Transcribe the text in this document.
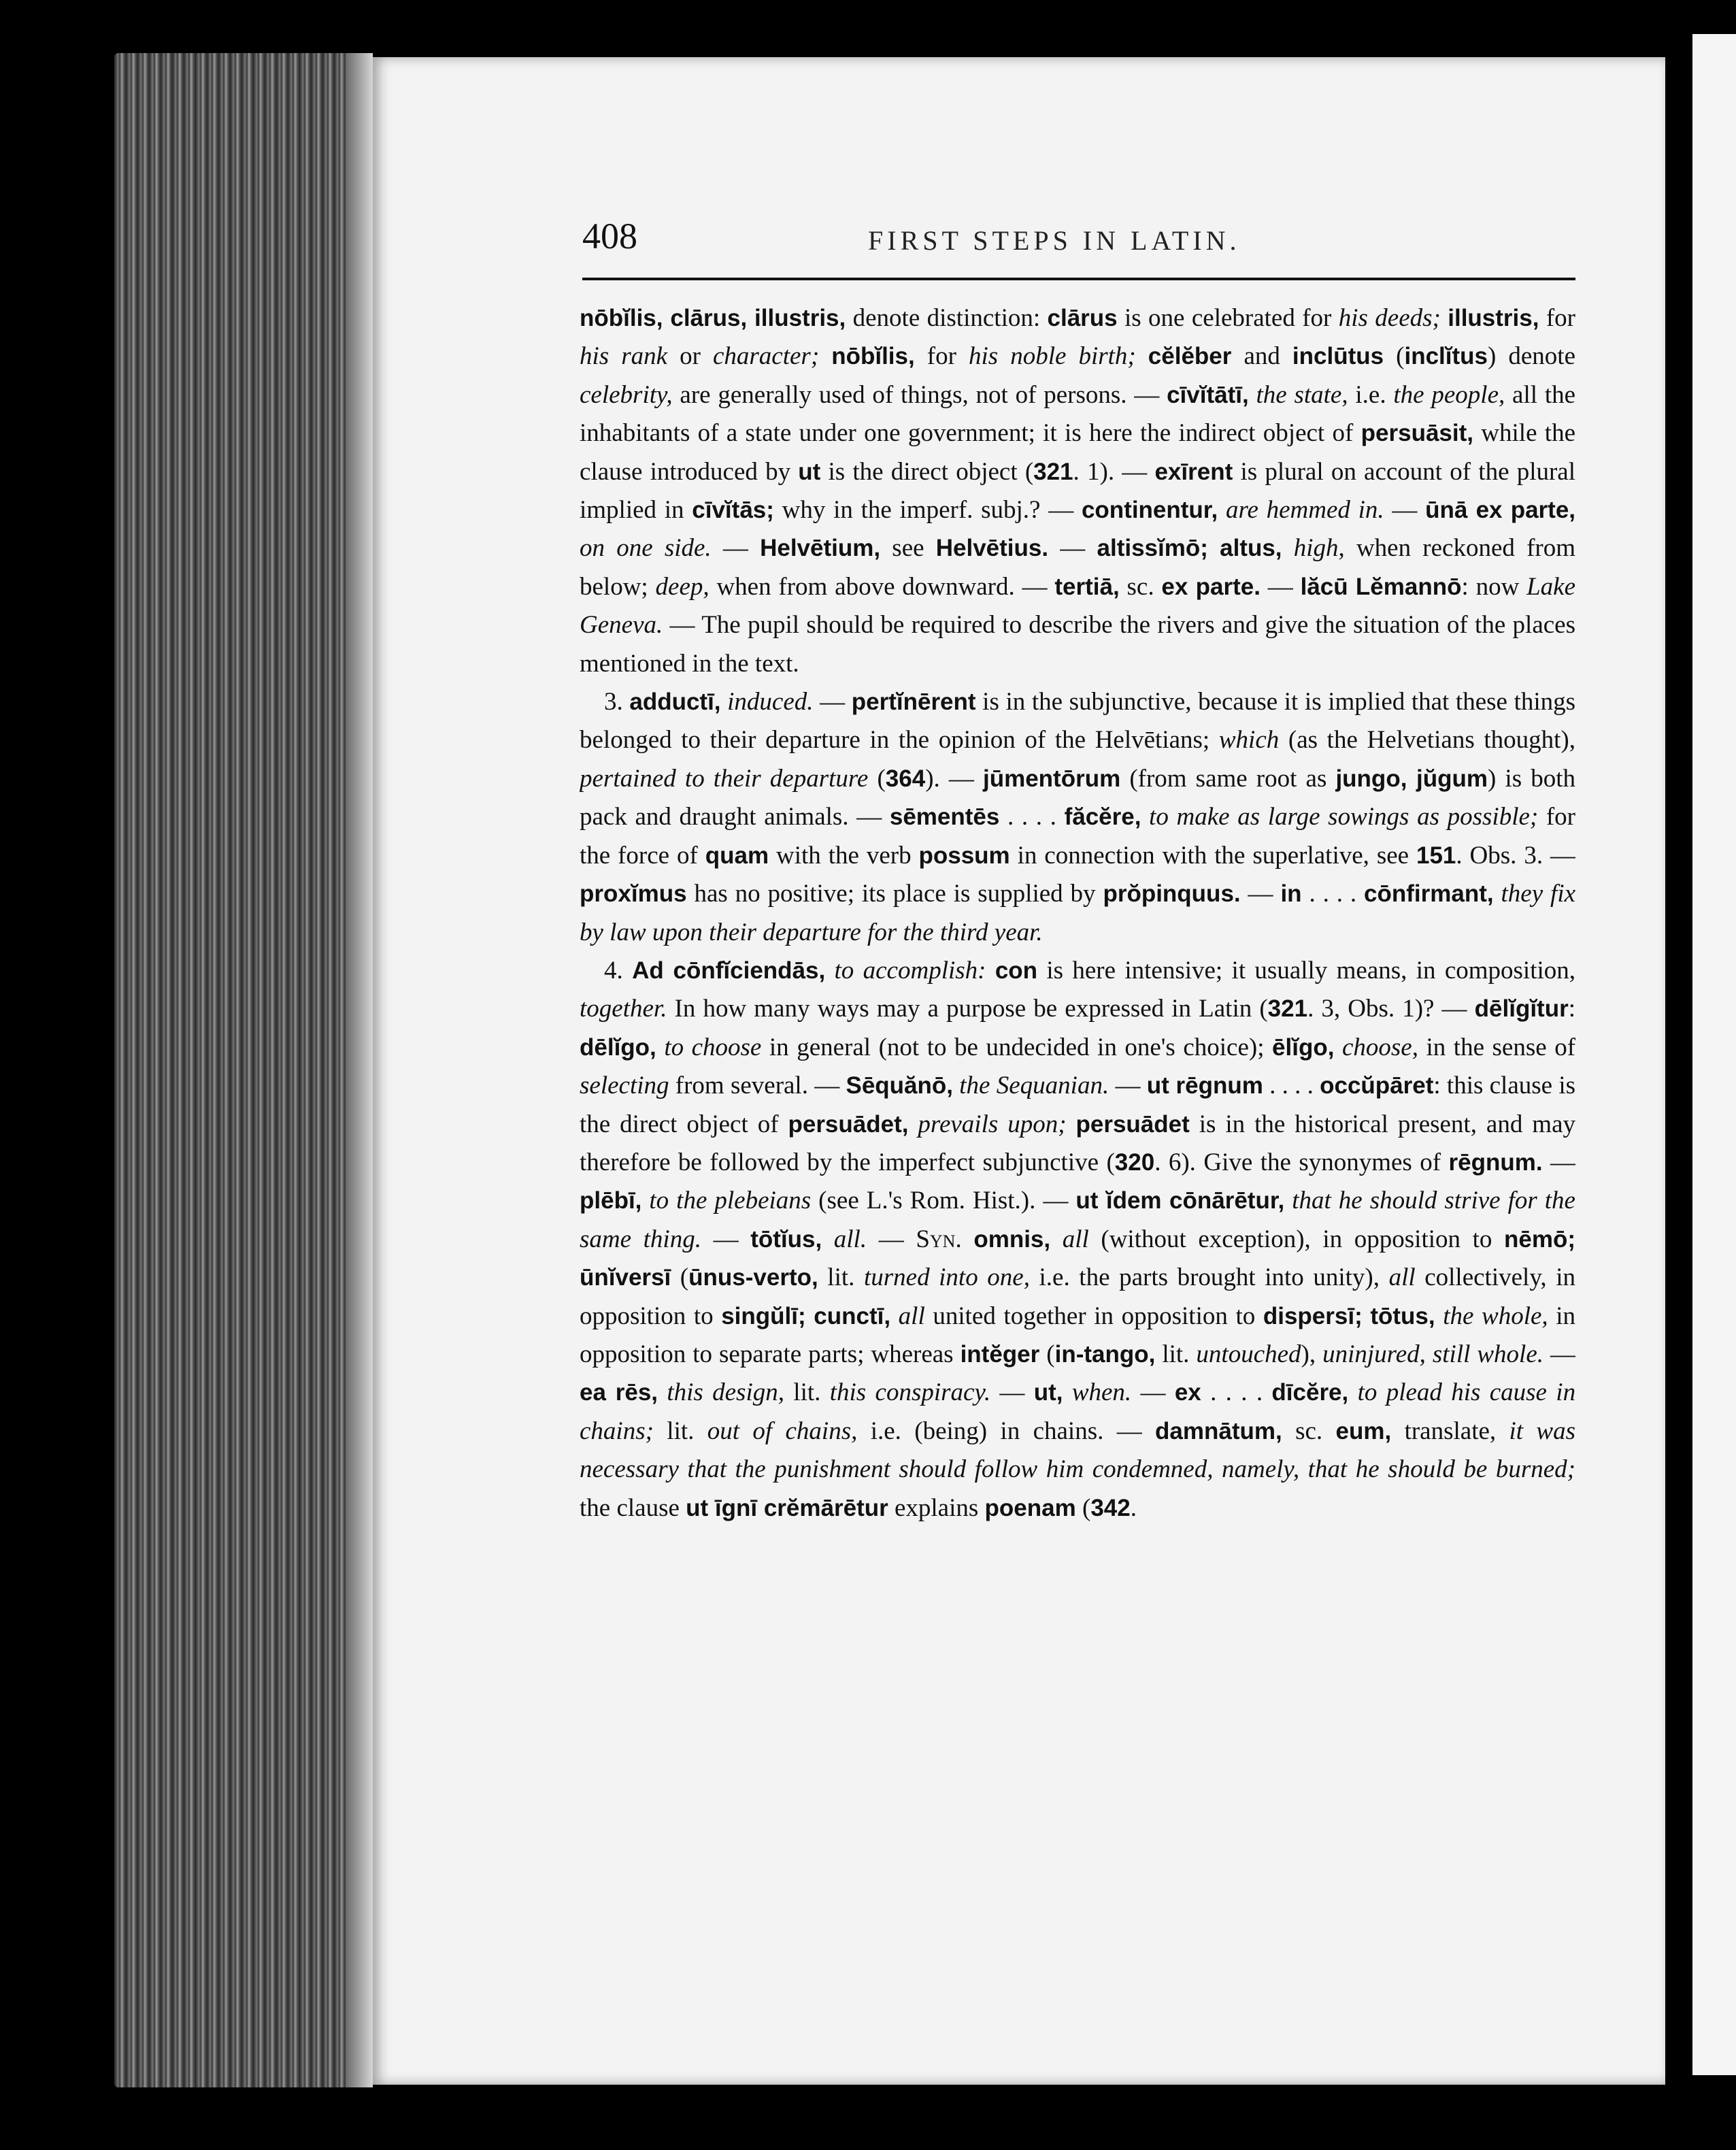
408	FIRST STEPS IN LATIN.

nōbĭlis, clārus, illustris, denote distinction: clārus is one celebrated for his deeds; illustris, for his rank or character; nōbĭlis, for his noble birth; cĕlĕber and inclūtus (inclĭtus) denote celebrity, are generally used of things, not of persons. — cīvĭtātī, the state, i.e. the people, all the inhabitants of a state under one government; it is here the indirect object of persuāsit, while the clause introduced by ut is the direct object (321. 1). — exīrent is plural on account of the plural implied in cīvĭtās; why in the imperf. subj.? — continentur, are hemmed in. — ūnā ex parte, on one side. — Helvētium, see Helvētius. — altissĭmō; altus, high, when reckoned from below; deep, when from above downward. — tertiā, sc. ex parte. — lăcū Lĕmannō: now Lake Geneva. — The pupil should be required to describe the rivers and give the situation of the places mentioned in the text.

3. adductī, induced. — pertĭnērent is in the subjunctive, because it is implied that these things belonged to their departure in the opinion of the Helvētians; which (as the Helvetians thought), pertained to their departure (364). — jūmentōrum (from same root as jungo, jŭgum) is both pack and draught animals. — sēmentēs . . . . făcĕre, to make as large sowings as possible; for the force of quam with the verb possum in connection with the superlative, see 151. Obs. 3. — proxĭmus has no positive; its place is supplied by prŏpinquus. — in . . . . cōnfirmant, they fix by law upon their departure for the third year.

4. Ad cōnfĭciendās, to accomplish: con is here intensive; it usually means, in composition, together. In how many ways may a purpose be expressed in Latin (321. 3, Obs. 1)? — dēlĭgĭtur: dēlĭgo, to choose in general (not to be undecided in one's choice); ēlĭgo, choose, in the sense of selecting from several. — Sēquănō, the Sequanian. — ut rēgnum . . . . occŭpāret: this clause is the direct object of persuādet, prevails upon; persuādet is in the historical present, and may therefore be followed by the imperfect subjunctive (320. 6). Give the synonymes of rēgnum. — plēbī, to the plebeians (see L.'s Rom. Hist.). — ut ĭdem cōnārētur, that he should strive for the same thing. — tōtĭus, all. — Syn. omnis, all (without exception), in opposition to nēmō; ūnĭversī (ūnus-verto, lit. turned into one, i.e. the parts brought into unity), all collectively, in opposition to singŭlī; cunctī, all united together in opposition to dispersī; tōtus, the whole, in opposition to separate parts; whereas intĕger (in-tango, lit. untouched), uninjured, still whole. — ea rēs, this design, lit. this conspiracy. — ut, when. — ex . . . . dīcĕre, to plead his cause in chains; lit. out of chains, i.e. (being) in chains. — damnātum, sc. eum, translate, it was necessary that the punishment should follow him condemned, namely, that he should be burned; the clause ut īgnī crĕmārētur explains poenam (342.
